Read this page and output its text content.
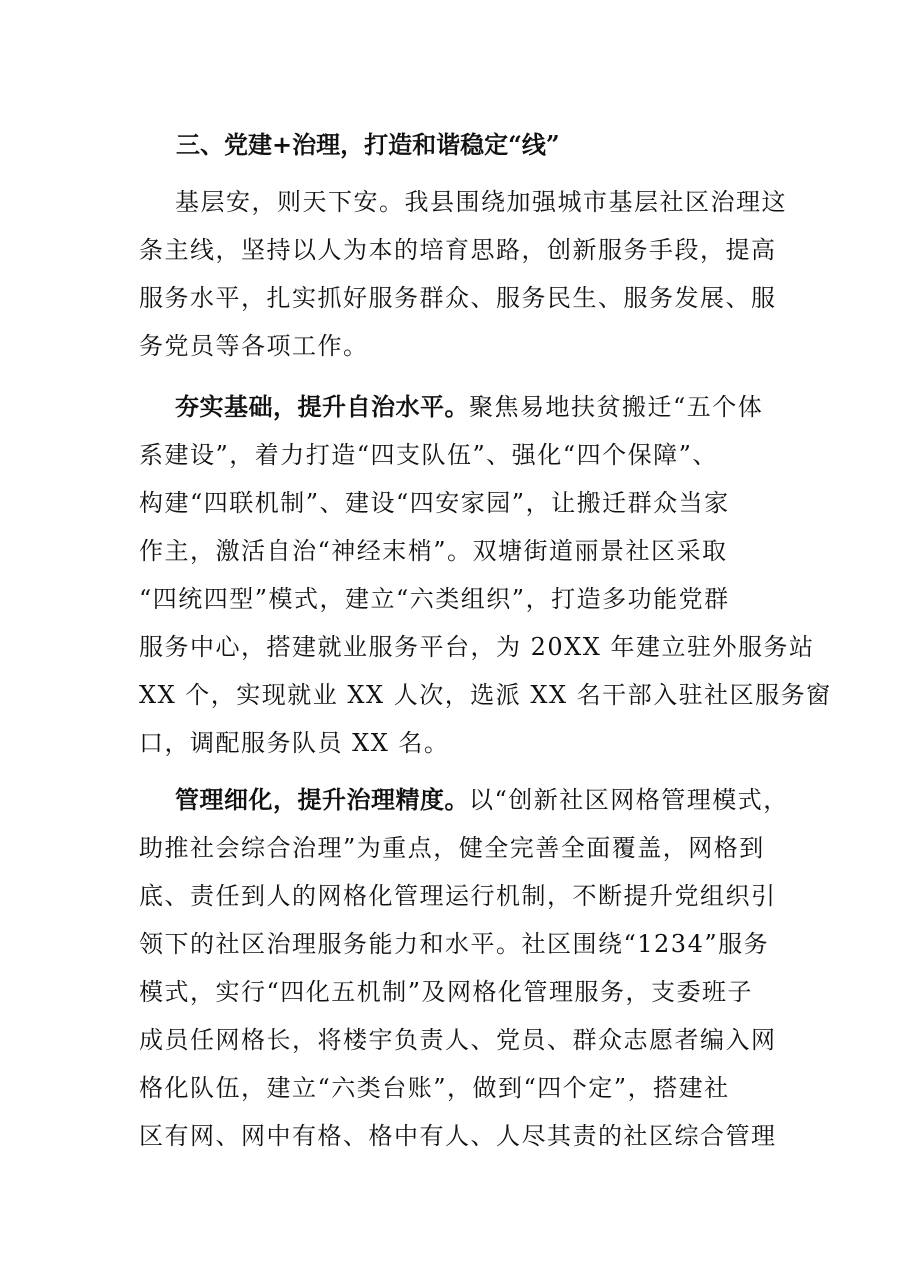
三、党建+治理，打造和谐稳定“线”
基层安，则天下安。我县围绕加强城市基层社区治理这
条主线，坚持以人为本的培育思路，创新服务手段，提高
服务水平，扎实抓好服务群众、服务民生、服务发展、服
务党员等各项工作。
夯实基础，提升自治水平。聚焦易地扶贫搬迁“五个体
系建设”，着力打造“四支队伍”、强化“四个保障”、
构建“四联机制”、建设“四安家园”，让搬迁群众当家
作主，激活自治“神经末梢”。双塘街道丽景社区采取
“四统四型”模式，建立“六类组织”，打造多功能党群
服务中心，搭建就业服务平台，为 20XX 年建立驻外服务站
XX 个，实现就业 XX 人次，选派 XX 名干部入驻社区服务窗
口，调配服务队员 XX 名。
管理细化，提升治理精度。以“创新社区网格管理模式，
助推社会综合治理”为重点，健全完善全面覆盖，网格到
底、责任到人的网格化管理运行机制，不断提升党组织引
领下的社区治理服务能力和水平。社区围绕“1234”服务
模式，实行“四化五机制”及网格化管理服务，支委班子
成员任网格长，将楼宇负责人、党员、群众志愿者编入网
格化队伍，建立“六类台账”，做到“四个定”，搭建社
区有网、网中有格、格中有人、人尽其责的社区综合管理
